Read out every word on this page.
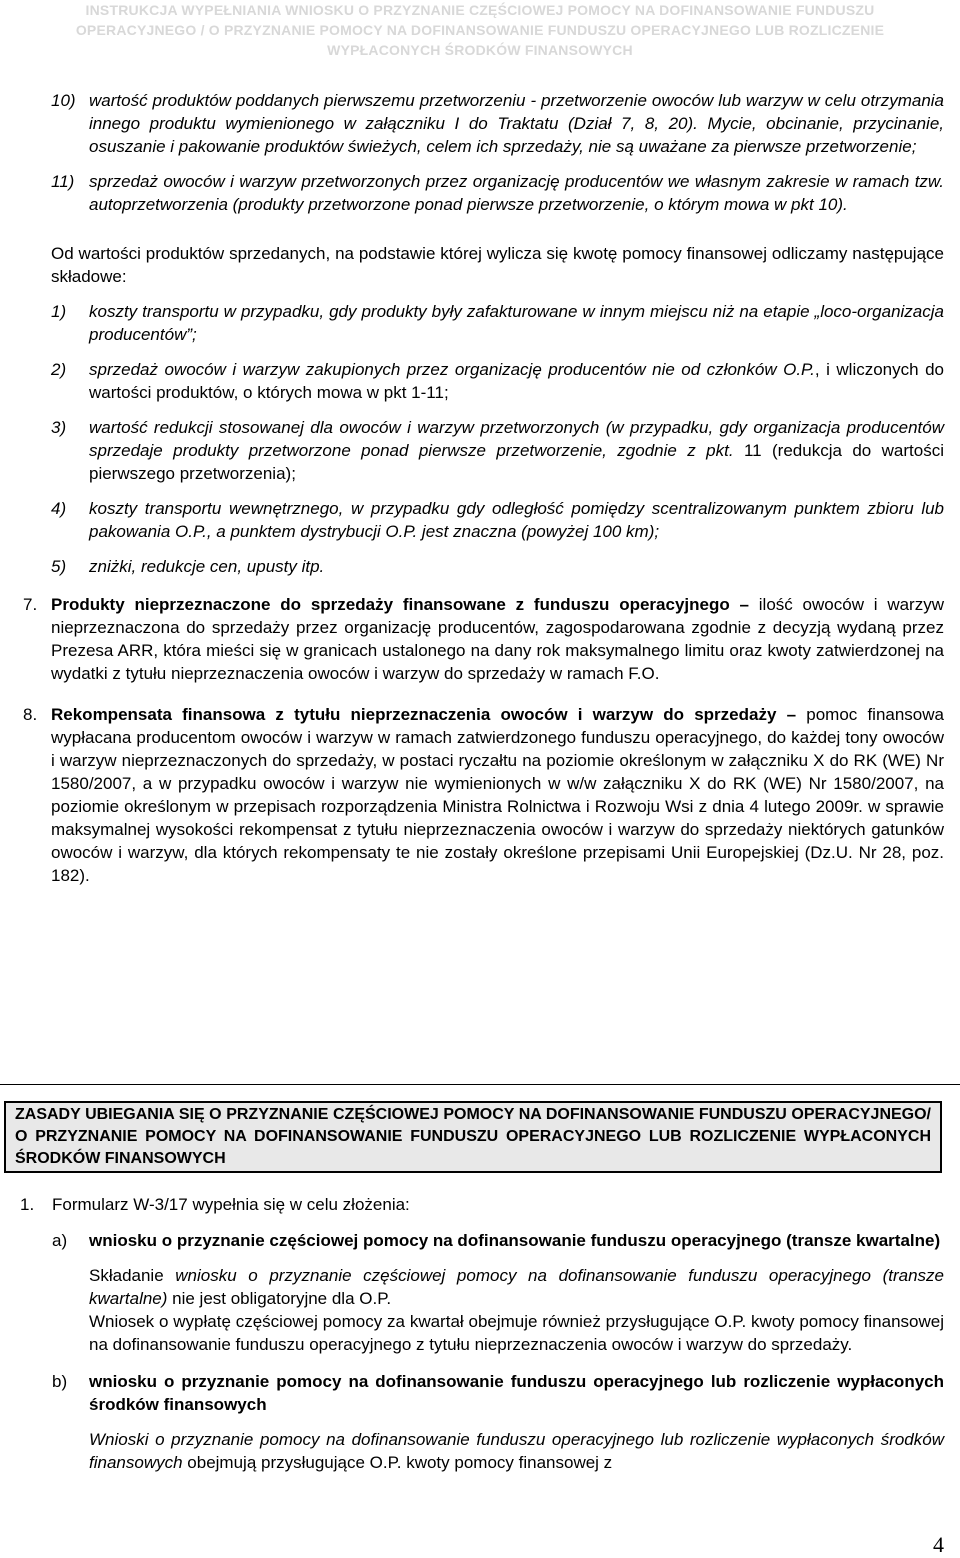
INSTRUKCJA WYPEŁNIANIA WNIOSKU O PRZYZNANIE CZĘŚCIOWEJ POMOCY NA DOFINANSOWANIE FUNDUSZU
OPERACYJNEGO / O PRZYZNANIE POMOCY NA DOFINANSOWANIE FUNDUSZU OPERACYJNEGO LUB ROZLICZENIE
WYPŁACONYCH ŚRODKÓW FINANSOWYCH
10) wartość produktów poddanych pierwszemu przetworzeniu - przetworzenie owoców lub warzyw w celu otrzymania innego produktu wymienionego w załączniku I do Traktatu (Dział 7, 8, 20). Mycie, obcinanie, przycinanie, osuszanie i pakowanie produktów świeżych, celem ich sprzedaży, nie są uważane za pierwsze przetworzenie;
11) sprzedaż owoców i warzyw przetworzonych przez organizację producentów we własnym zakresie w ramach tzw. autoprzetworzenia (produkty przetworzone ponad pierwsze przetworzenie, o którym mowa w pkt 10).

Od wartości produktów sprzedanych, na podstawie której wylicza się kwotę pomocy finansowej odliczamy następujące składowe:

1) koszty transportu w przypadku, gdy produkty były zafakturowane w innym miejscu niż na etapie „loco-organizacja producentów”;
2) sprzedaż owoców i warzyw zakupionych przez organizację producentów nie od członków O.P., i wliczonych do wartości produktów, o których mowa w pkt 1-11;
3) wartość redukcji stosowanej dla owoców i warzyw przetworzonych (w przypadku, gdy organizacja producentów sprzedaje produkty przetworzone ponad pierwsze przetworzenie, zgodnie z pkt. 11 (redukcja do wartości pierwszego przetworzenia);
4) koszty transportu wewnętrznego, w przypadku gdy odległość pomiędzy scentralizowanym punktem zbioru lub pakowania O.P., a punktem dystrybucji O.P. jest znaczna (powyżej 100 km);
5) zniżki, redukcje cen, upusty itp.
7. Produkty nieprzeznaczone do sprzedaży finansowane z funduszu operacyjnego – ilość owoców i warzyw nieprzeznaczona do sprzedaży przez organizację producentów, zagospodarowana zgodnie z decyzją wydaną przez Prezesa ARR, która mieści się w granicach ustalonego na dany rok maksymalnego limitu oraz kwoty zatwierdzonej na wydatki z tytułu nieprzeznaczenia owoców i warzyw do sprzedaży w ramach F.O.
8. Rekompensata finansowa z tytułu nieprzeznaczenia owoców i warzyw do sprzedaży – pomoc finansowa wypłacana producentom owoców i warzyw w ramach zatwierdzonego funduszu operacyjnego, do każdej tony owoców i warzyw nieprzeznaczonych do sprzedaży, w postaci ryczałtu na poziomie określonym w załączniku X do RK (WE) Nr 1580/2007, a w przypadku owoców i warzyw nie wymienionych w w/w załączniku X do RK (WE) Nr 1580/2007, na poziomie określonym w przepisach rozporządzenia Ministra Rolnictwa i Rozwoju Wsi z dnia 4 lutego 2009r. w sprawie maksymalnej wysokości rekompensat z tytułu nieprzeznaczenia owoców i warzyw do sprzedaży niektórych gatunków owoców i warzyw, dla których rekompensaty te nie zostały określone przepisami Unii Europejskiej (Dz.U. Nr 28, poz. 182).
ZASADY UBIEGANIA SIĘ O PRZYZNANIE CZĘŚCIOWEJ POMOCY NA DOFINANSOWANIE FUNDUSZU OPERACYJNEGO/ O PRZYZNANIE POMOCY NA DOFINANSOWANIE FUNDUSZU OPERACYJNEGO LUB ROZLICZENIE WYPŁACONYCH ŚRODKÓW FINANSOWYCH
1. Formularz W-3/17 wypełnia się w celu złożenia:
a) wniosku o przyznanie częściowej pomocy na dofinansowanie funduszu operacyjnego (transze kwartalne)

Składanie wniosku o przyznanie częściowej pomocy na dofinansowanie funduszu operacyjnego (transze kwartalne) nie jest obligatoryjne dla O.P.

Wniosek o wypłatę częściowej pomocy za kwartał obejmuje również przysługujące O.P. kwoty pomocy finansowej na dofinansowanie funduszu operacyjnego z tytułu nieprzeznaczenia owoców i warzyw do sprzedaży.

b) wniosku o przyznanie pomocy na dofinansowanie funduszu operacyjnego lub rozliczenie wypłaconych środków finansowych

Wnioski o przyznanie pomocy na dofinansowanie funduszu operacyjnego lub rozliczenie wypłaconych środków finansowych obejmują przysługujące O.P. kwoty pomocy finansowej z

4
